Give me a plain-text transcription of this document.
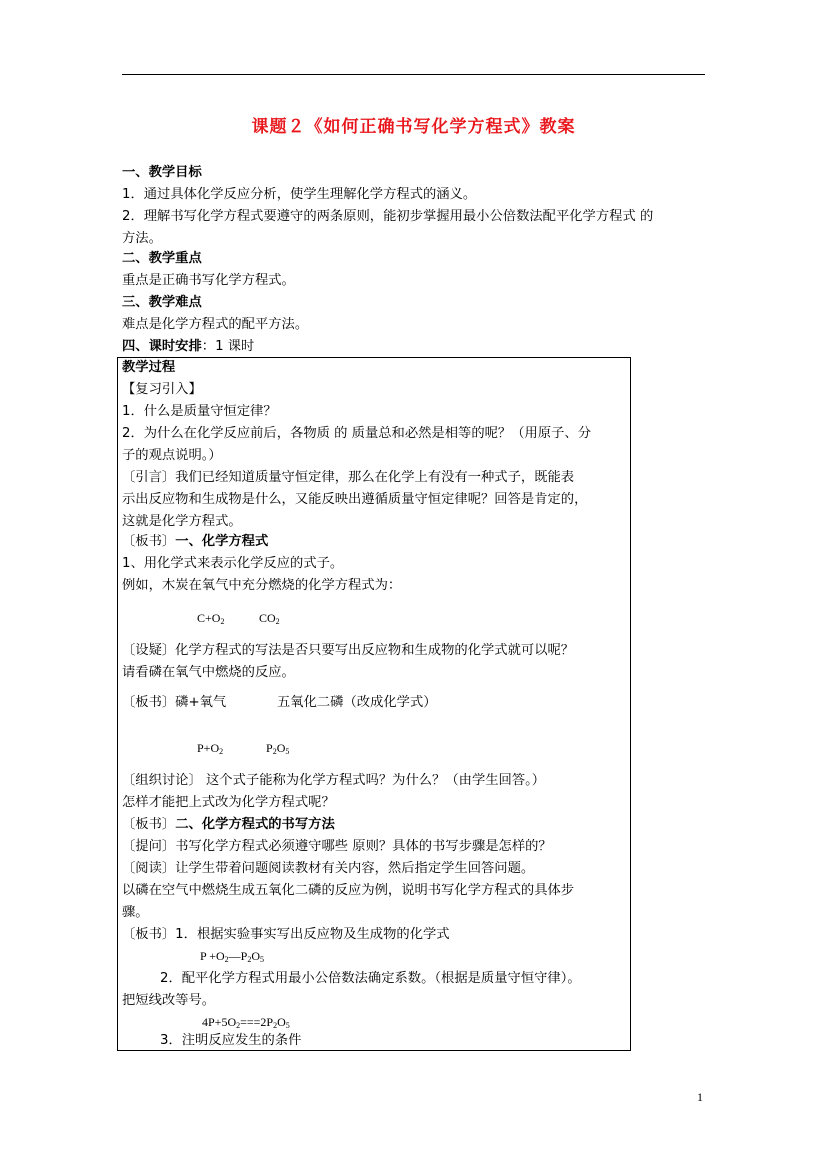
课题２《如何正确书写化学方程式》教案
一、教学目标
1．通过具体化学反应分析，使学生理解化学方程式的涵义。
2．理解书写化学方程式要遵守的两条原则，能初步掌握用最小公倍数法配平化学方程式 的
方法。
二、教学重点
重点是正确书写化学方程式。
三、教学难点
难点是化学方程式的配平方法。
四、课时安排：1 课时
教学过程
【复习引入】
1．什么是质量守恒定律？
2．为什么在化学反应前后，各物质 的 质量总和必然是相等的呢？（用原子、分
子的观点说明。）
〔引言〕我们已经知道质量守恒定律，那么在化学上有没有一种式子，既能表
示出反应物和生成物是什么，又能反映出遵循质量守恒定律呢？回答是肯定的，
这就是化学方程式。
〔板书〕一、化学方程式
1、用化学式来表示化学反应的式子。
例如，木炭在氧气中充分燃烧的化学方程式为：
$C+O_2$	$CO_2$
〔设疑〕化学方程式的写法是否只要写出反应物和生成物的化学式就可以呢？
请看磷在氧气中燃烧的反应。
〔板书〕磷+氧气	五氧化二磷（改成化学式）
$P+O_2$	$P_2O_5$
〔组织讨论〕 这个式子能称为化学方程式吗？为什么？（由学生回答。）
怎样才能把上式改为化学方程式呢？
〔板书〕二、化学方程式的书写方法
〔提问〕书写化学方程式必须遵守哪些 原则？具体的书写步骤是怎样的？
〔阅读〕让学生带着问题阅读教材有关内容，然后指定学生回答问题。
以磷在空气中燃烧生成五氧化二磷的反应为例，说明书写化学方程式的具体步
骤。
〔板书〕1．根据实验事实写出反应物及生成物的化学式
$P +O_2—P_2O_5$
2．配平化学方程式用最小公倍数法确定系数。（根据是质量守恒守律）。
把短线改等号。
$4P+5O_2===2P_2O_5$
3．注明反应发生的条件
1
